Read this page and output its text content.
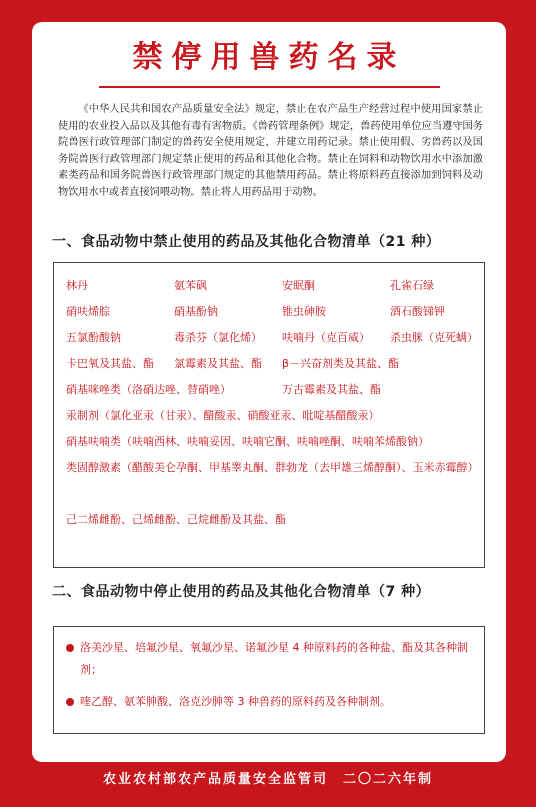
禁停用兽药名录
《中华人民共和国农产品质量安全法》规定，禁止在农产品生产经营过程中使用国家禁止使用的农业投入品以及其他有毒有害物质。《兽药管理条例》规定，兽药使用单位应当遵守国务院兽医行政管理部门制定的兽药安全使用规定，并建立用药记录。禁止使用假、劣兽药以及国务院兽医行政管理部门规定禁止使用的药品和其他化合物。禁止在饲料和动物饮用水中添加激素类药品和国务院兽医行政管理部门规定的其他禁用药品。禁止将原料药直接添加到饲料及动物饮用水中或者直接饲喂动物。禁止将人用药品用于动物。
一、食品动物中禁止使用的药品及其他化合物清单（21 种）
林丹	氨苯砜	安眠酮	孔雀石绿
硝呋烯腙	硝基酚钠	锥虫砷胺	酒石酸锑钾
五氯酚酸钠	毒杀芬（氯化烯）	呋喃丹（克百威）	杀虫脒（克死螨）
卡巴氧及其盐、酯	氯霉素及其盐、酯	β－兴奋剂类及其盐、酯
硝基咪唑类（洛硝达唑、替硝唑）	万古霉素及其盐、酯
汞制剂（氯化亚汞（甘汞）、醋酸汞、硝酸亚汞、吡啶基醋酸汞）
硝基呋喃类（呋喃西林、呋喃妥因、呋喃它酮、呋喃唑酮、呋喃苯烯酸钠）
类固醇激素（醋酸美仑孕酮、甲基睾丸酮、群勃龙（去甲雄三烯醇酮）、玉米赤霉醇）
己二烯雌酚、己烯雌酚、己烷雌酚及其盐、酯
二、食品动物中停止使用的药品及其他化合物清单（7 种）
洛美沙星、培氟沙星、氧氟沙星、诺氟沙星 4 种原料药的各种盐、酯及其各种制剂；
喹乙醇、氨苯胂酸、洛克沙胂等 3 种兽药的原料药及各种制剂。
农业农村部农产品质量安全监管司　二〇二六年制
